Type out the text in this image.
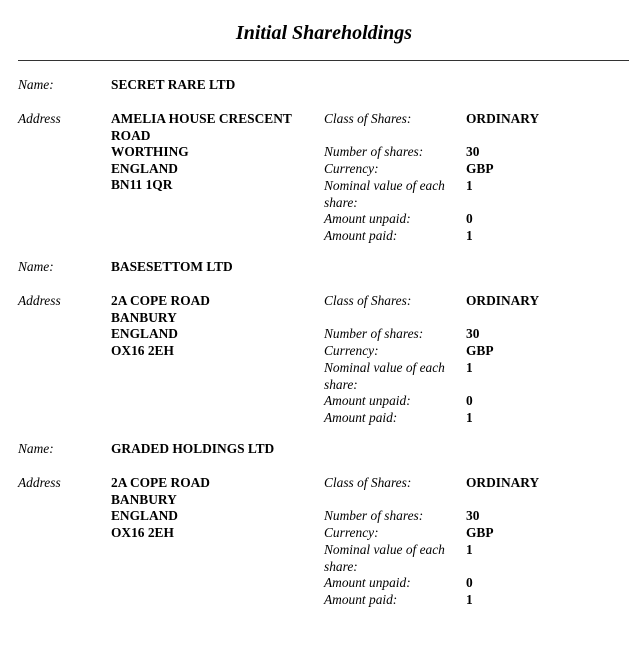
Initial Shareholdings
Name:	SECRET RARE LTD
Address	AMELIA HOUSE CRESCENT ROAD
WORTHING
ENGLAND
BN11 1QR
Class of Shares:	ORDINARY
Number of shares:	30
Currency:	GBP
Nominal value of each share:
1
Amount unpaid:	0
Amount paid:	1
Name:	BASESETTOM LTD
Address	2A COPE ROAD
BANBURY
ENGLAND
OX16 2EH
Class of Shares:	ORDINARY
Number of shares:	30
Currency:	GBP
Nominal value of each share:
1
Amount unpaid:	0
Amount paid:	1
Name:	GRADED HOLDINGS LTD
Address	2A COPE ROAD
BANBURY
ENGLAND
OX16 2EH
Class of Shares:	ORDINARY
Number of shares:	30
Currency:	GBP
Nominal value of each share:
1
Amount unpaid:	0
Amount paid:	1
